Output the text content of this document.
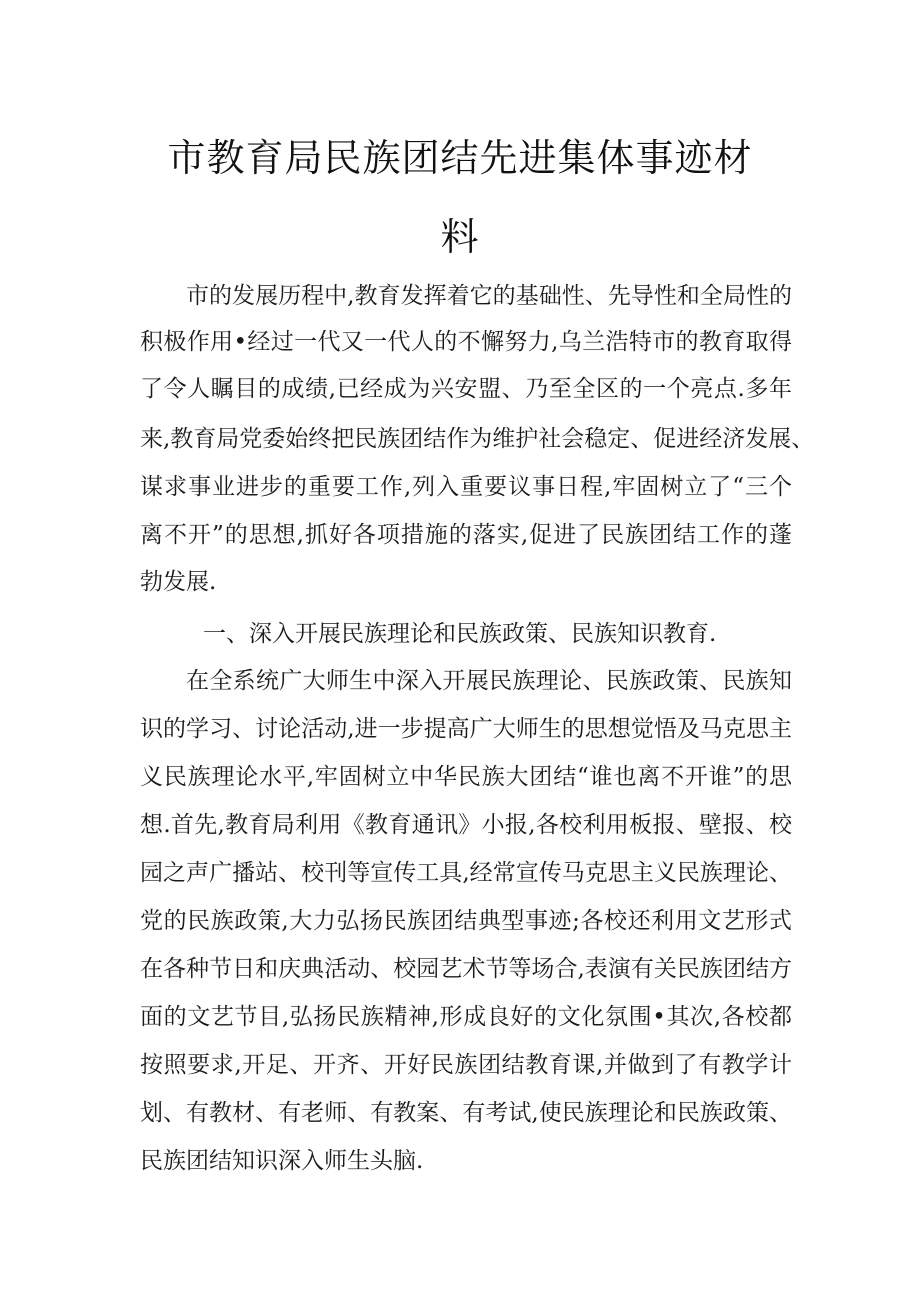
市教育局民族团结先进集体事迹材
料

市的发展历程中,教育发挥着它的基础性、先导性和全局性的

积极作用•经过一代又一代人的不懈努力,乌兰浩特市的教育取得

了令人瞩目的成绩,已经成为兴安盟、乃至全区的一个亮点.多年

来,教育局党委始终把民族团结作为维护社会稳定、促进经济发展、

谋求事业进步的重要工作,列入重要议事日程,牢固树立了“三个

离不开”的思想,抓好各项措施的落实,促进了民族团结工作的蓬

勃发展.

一、深入开展民族理论和民族政策、民族知识教育.

在全系统广大师生中深入开展民族理论、民族政策、民族知

识的学习、讨论活动,进一步提高广大师生的思想觉悟及马克思主

义民族理论水平,牢固树立中华民族大团结“谁也离不开谁”的思

想.首先,教育局利用《教育通讯》小报,各校利用板报、壁报、校

园之声广播站、校刊等宣传工具,经常宣传马克思主义民族理论、

党的民族政策,大力弘扬民族团结典型事迹;各校还利用文艺形式

在各种节日和庆典活动、校园艺术节等场合,表演有关民族团结方

面的文艺节目,弘扬民族精神,形成良好的文化氛围•其次,各校都

按照要求,开足、开齐、开好民族团结教育课,并做到了有教学计

划、有教材、有老师、有教案、有考试,使民族理论和民族政策、

民族团结知识深入师生头脑.
